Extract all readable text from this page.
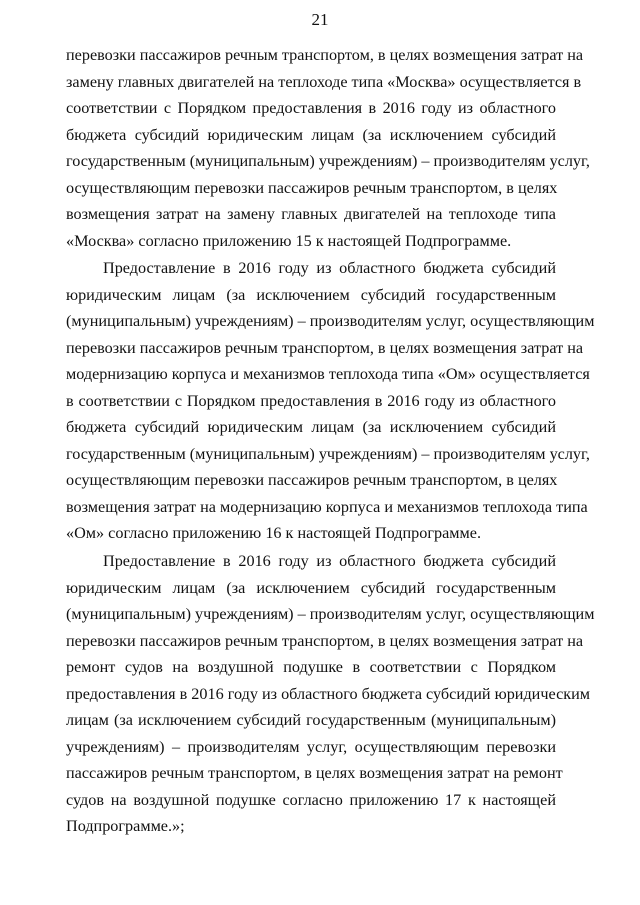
21
перевозки пассажиров речным транспортом, в целях возмещения затрат на
замену главных двигателей на теплоходе типа «Москва» осуществляется в
соответствии с Порядком предоставления в 2016 году из областного
бюджета субсидий юридическим лицам (за исключением субсидий
государственным (муниципальным) учреждениям) – производителям услуг,
осуществляющим перевозки пассажиров речным транспортом, в целях
возмещения затрат на замену главных двигателей на теплоходе типа
«Москва» согласно приложению 15 к настоящей Подпрограмме.
Предоставление в 2016 году из областного бюджета субсидий
юридическим лицам (за исключением субсидий государственным
(муниципальным) учреждениям) – производителям услуг, осуществляющим
перевозки пассажиров речным транспортом, в целях возмещения затрат на
модернизацию корпуса и механизмов теплохода типа «Ом» осуществляется
в соответствии с Порядком предоставления в 2016 году из областного
бюджета субсидий юридическим лицам (за исключением субсидий
государственным (муниципальным) учреждениям) – производителям услуг,
осуществляющим перевозки пассажиров речным транспортом, в целях
возмещения затрат на модернизацию корпуса и механизмов теплохода типа
«Ом» согласно приложению 16 к настоящей Подпрограмме.
Предоставление в 2016 году из областного бюджета субсидий
юридическим лицам (за исключением субсидий государственным
(муниципальным) учреждениям) – производителям услуг, осуществляющим
перевозки пассажиров речным транспортом, в целях возмещения затрат на
ремонт судов на воздушной подушке в соответствии с Порядком
предоставления в 2016 году из областного бюджета субсидий юридическим
лицам (за исключением субсидий государственным (муниципальным)
учреждениям) – производителям услуг, осуществляющим перевозки
пассажиров речным транспортом, в целях возмещения затрат на ремонт
судов на воздушной подушке согласно приложению 17 к настоящей
Подпрограмме.»;
